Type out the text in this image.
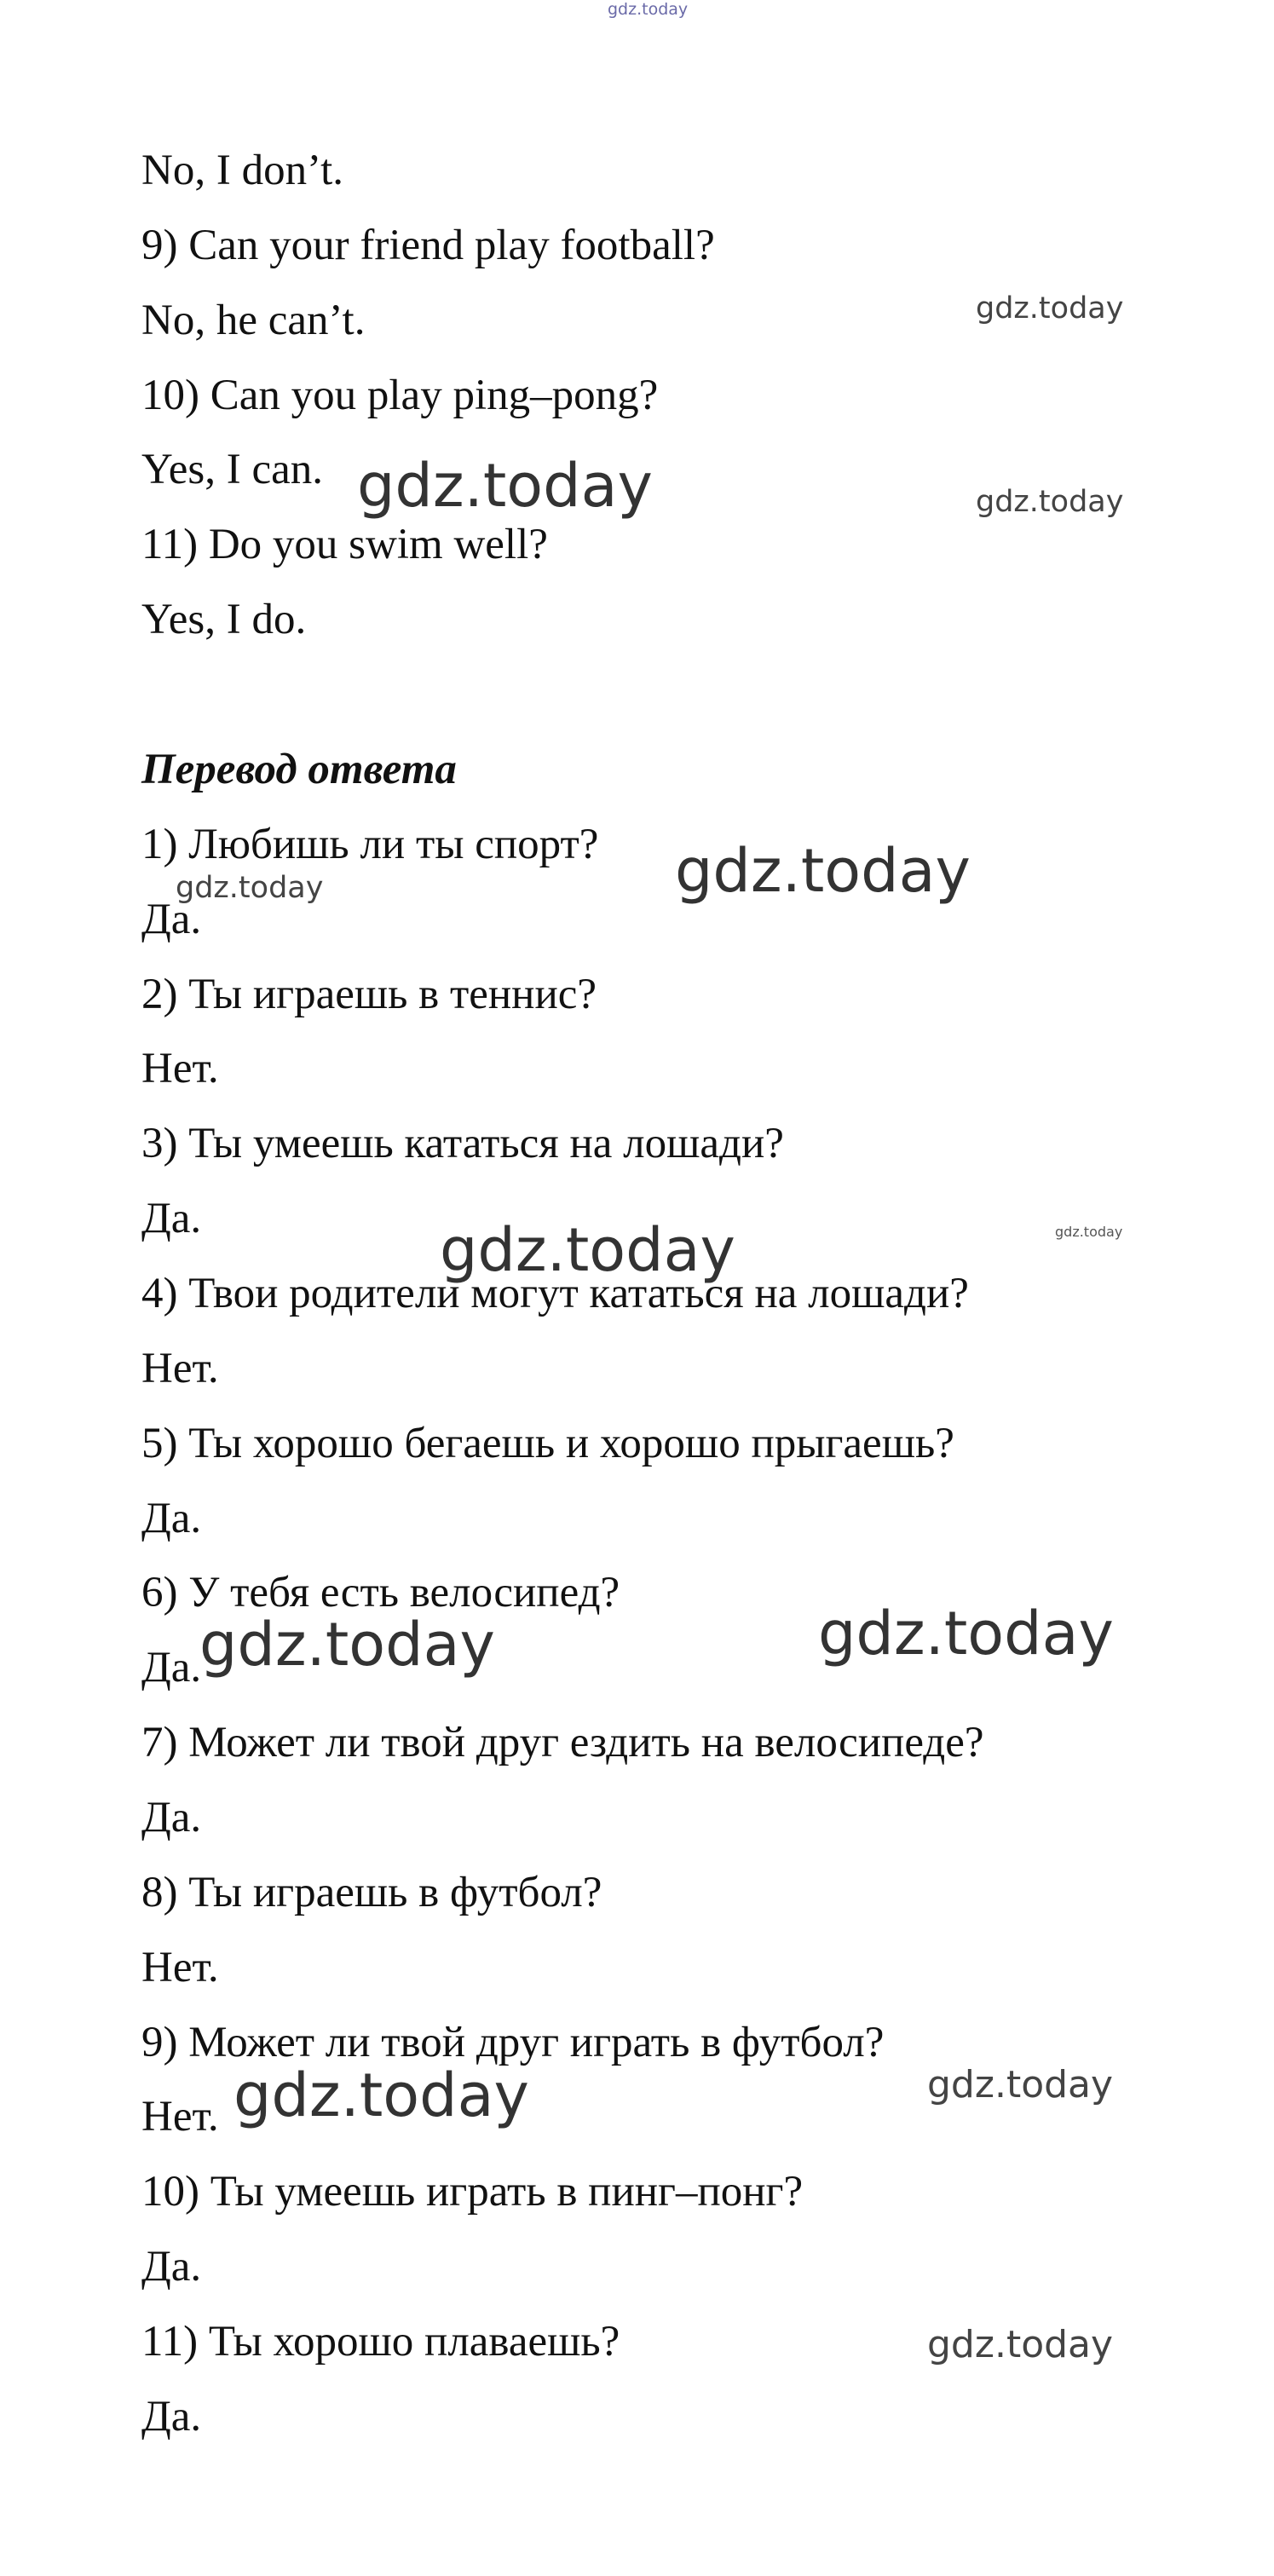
No, I don’t.
9) Can your friend play football?
No, he can’t.
10) Can you play ping–pong?
Yes, I can.
11) Do you swim well?
Yes, I do.
Перевод ответа
1) Любишь ли ты спорт?
Да.
2) Ты играешь в теннис?
Нет.
3) Ты умеешь кататься на лошади?
Да.
4) Твои родители могут кататься на лошади?
Нет.
5) Ты хорошо бегаешь и хорошо прыгаешь?
Да.
6) У тебя есть велосипед?
Да.
7) Может ли твой друг ездить на велосипеде?
Да.
8) Ты играешь в футбол?
Нет.
9) Может ли твой друг играть в футбол?
Нет.
10) Ты умеешь играть в пинг–понг?
Да.
11) Ты хорошо плаваешь?
Да.
gdz.today
gdz.today
gdz.today	gdz.today
gdz.today	gdz.today
gdz.today	gdz.today
gdz.today	gdz.today
gdz.today	gdz.today
gdz.today
